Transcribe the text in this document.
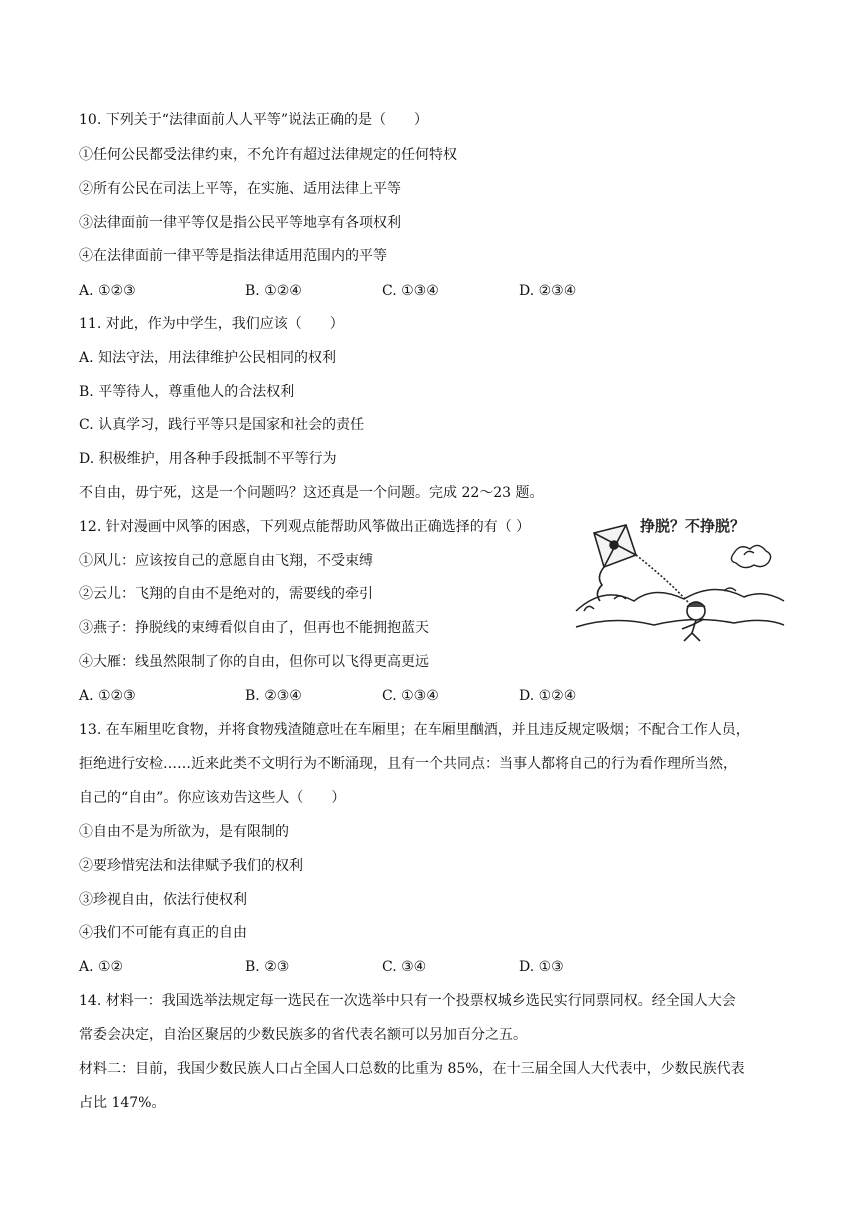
10. 下列关于“法律面前人人平等”说法正确的是（　　）
①任何公民都受法律约束，不允许有超过法律规定的任何特权
②所有公民在司法上平等，在实施、适用法律上平等
③法律面前一律平等仅是指公民平等地享有各项权利
④在法律面前一律平等是指法律适用范围内的平等
A. ①②③	B. ①②④	C. ①③④	D. ②③④
11. 对此，作为中学生，我们应该（　　）
A. 知法守法，用法律维护公民相同的权利
B. 平等待人，尊重他人的合法权利
C. 认真学习，践行平等只是国家和社会的责任
D. 积极维护，用各种手段抵制不平等行为
不自由，毋宁死，这是一个问题吗？这还真是一个问题。完成 22～23 题。
12. 针对漫画中风筝的困惑，下列观点能帮助风筝做出正确选择的有（ ）
①风儿：应该按自己的意愿自由飞翔，不受束缚
②云儿：飞翔的自由不是绝对的，需要线的牵引
③燕子：挣脱线的束缚看似自由了，但再也不能拥抱蓝天
④大雁：线虽然限制了你的自由，但你可以飞得更高更远
A. ①②③	B. ②③④	C. ①③④	D. ①②④
挣脱？不挣脱？
13. 在车厢里吃食物，并将食物残渣随意吐在车厢里；在车厢里酗酒，并且违反规定吸烟；不配合工作人员，
拒绝进行安检……近来此类不文明行为不断涌现，且有一个共同点：当事人都将自己的行为看作理所当然，
自己的“自由”。你应该劝告这些人（　　）
①自由不是为所欲为，是有限制的
②要珍惜宪法和法律赋予我们的权利
③珍视自由，依法行使权利
④我们不可能有真正的自由
A. ①②	B. ②③	C. ③④	D. ①③
14. 材料一：我国选举法规定每一选民在一次选举中只有一个投票权城乡选民实行同票同权。经全国人大会
常委会决定，自治区聚居的少数民族多的省代表名额可以另加百分之五。
材料二：目前，我国少数民族人口占全国人口总数的比重为 85%，在十三届全国人大代表中，少数民族代表
占比 147%。
